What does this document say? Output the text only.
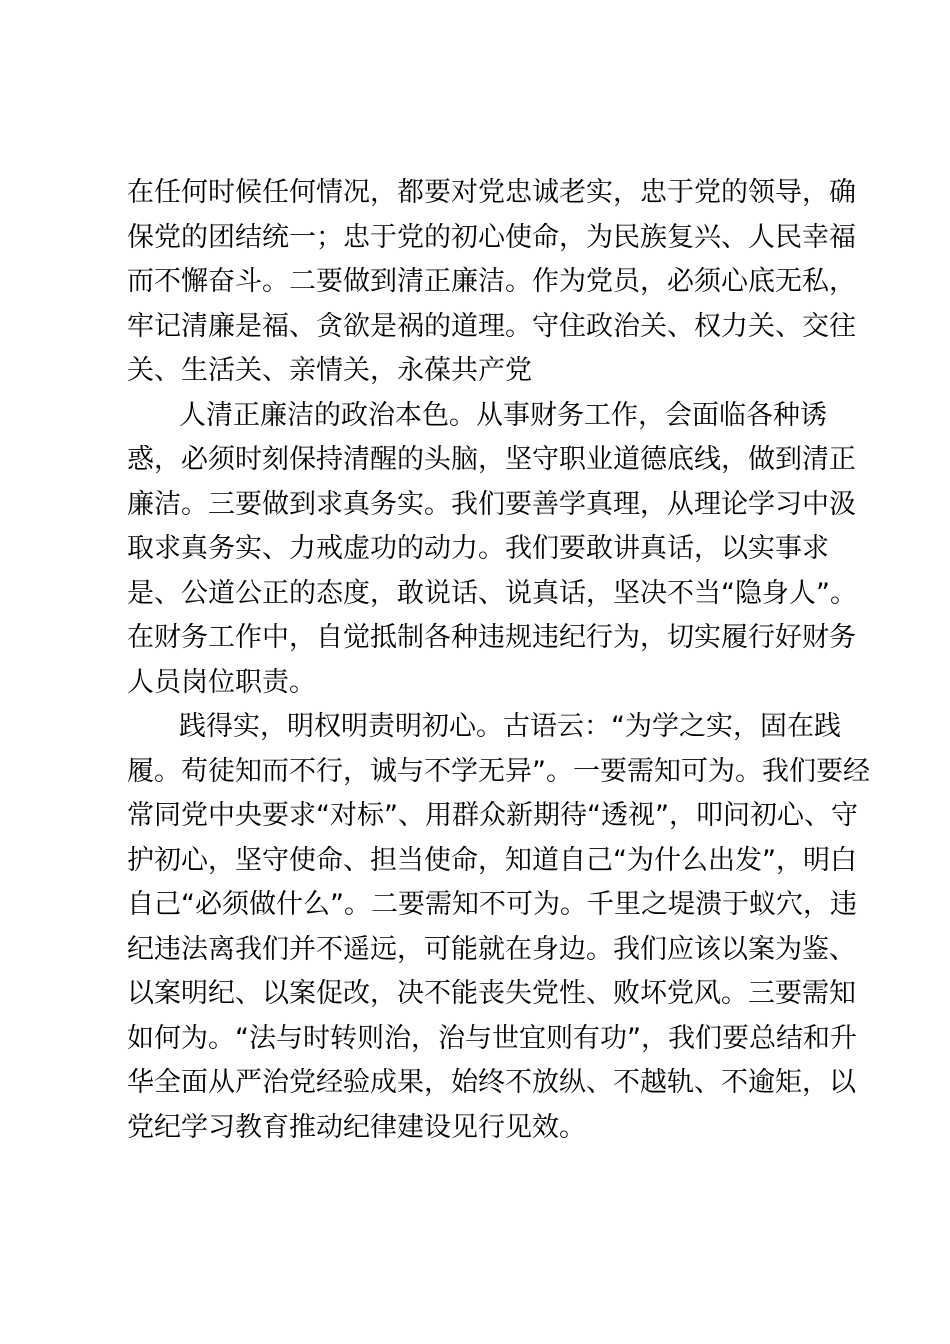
在任何时候任何情况，都要对党忠诚老实，忠于党的领导，确
保党的团结统一；忠于党的初心使命，为民族复兴、人民幸福
而不懈奋斗。二要做到清正廉洁。作为党员，必须心底无私，
牢记清廉是福、贪欲是祸的道理。守住政治关、权力关、交往
关、生活关、亲情关，永葆共产党
人清正廉洁的政治本色。从事财务工作，会面临各种诱
惑，必须时刻保持清醒的头脑，坚守职业道德底线，做到清正
廉洁。三要做到求真务实。我们要善学真理，从理论学习中汲
取求真务实、力戒虚功的动力。我们要敢讲真话，以实事求
是、公道公正的态度，敢说话、说真话，坚决不当“隐身人”。
在财务工作中，自觉抵制各种违规违纪行为，切实履行好财务
人员岗位职责。
践得实，明权明责明初心。古语云：“为学之实，固在践
履。苟徒知而不行，诚与不学无异”。一要需知可为。我们要经
常同党中央要求“对标”、用群众新期待“透视”，叩问初心、守
护初心，坚守使命、担当使命，知道自己“为什么出发”，明白
自己“必须做什么”。二要需知不可为。千里之堤溃于蚁穴，违
纪违法离我们并不遥远，可能就在身边。我们应该以案为鉴、
以案明纪、以案促改，决不能丧失党性、败坏党风。三要需知
如何为。“法与时转则治，治与世宜则有功”，我们要总结和升
华全面从严治党经验成果，始终不放纵、不越轨、不逾矩，以
党纪学习教育推动纪律建设见行见效。
